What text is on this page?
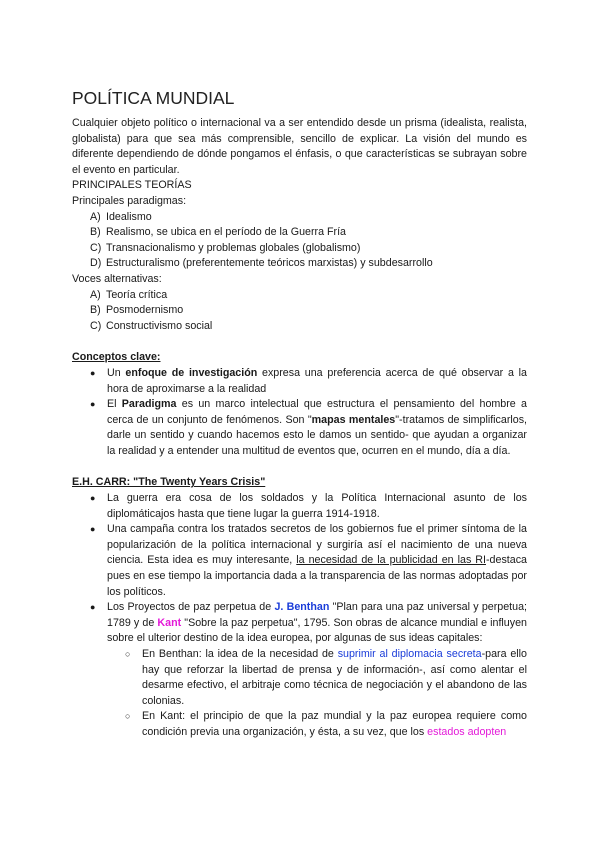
POLÍTICA MUNDIAL

Cualquier objeto político o internacional va a ser entendido desde un prisma (idealista, realista, globalista) para que sea más comprensible, sencillo de explicar. La visión del mundo es diferente dependiendo de dónde pongamos el énfasis, o que características se subrayan sobre el evento en particular.

PRINCIPALES TEORÍAS
Principales paradigmas:
A) Idealismo
B) Realismo, se ubica en el período de la Guerra Fría
C) Transnacionalismo y problemas globales (globalismo)
D) Estructuralismo (preferentemente teóricos marxistas) y subdesarrollo
Voces alternativas:
A) Teoría crítica
B) Posmodernismo
C) Constructivismo social
Conceptos clave:
● Un enfoque de investigación expresa una preferencia acerca de qué observar a la hora de aproximarse a la realidad
● El Paradigma es un marco intelectual que estructura el pensamiento del hombre a cerca de un conjunto de fenómenos. Son "mapas mentales"-tratamos de simplificarlos, darle un sentido y cuando hacemos esto le damos un sentido- que ayudan a organizar la realidad y a entender una multitud de eventos que, ocurren en el mundo, día a día.
E.H. CARR: "The Twenty Years Crisis"
● La guerra era cosa de los soldados y la Política Internacional asunto de los diplomáticajos hasta que tiene lugar la guerra 1914-1918.
● Una campaña contra los tratados secretos de los gobiernos fue el primer síntoma de la popularización de la política internacional y surgiría así el nacimiento de una nueva ciencia. Esta idea es muy interesante, la necesidad de la publicidad en las RI-destaca pues en ese tiempo la importancia dada a la transparencia de las normas adoptadas por los políticos.
● Los Proyectos de paz perpetua de J. Benthan "Plan para una paz universal y perpetua; 1789 y de Kant "Sobre la paz perpetua", 1795. Son obras de alcance mundial e influyen sobre el ulterior destino de la idea europea, por algunas de sus ideas capitales:
○ En Benthan: la idea de la necesidad de suprimir al diplomacia secreta-para ello hay que reforzar la libertad de prensa y de información-, así como alentar el desarme efectivo, el arbitraje como técnica de negociación y el abandono de las colonias.
○ En Kant: el principio de que la paz mundial y la paz europea requiere como condición previa una organización, y ésta, a su vez, que los estados adopten
